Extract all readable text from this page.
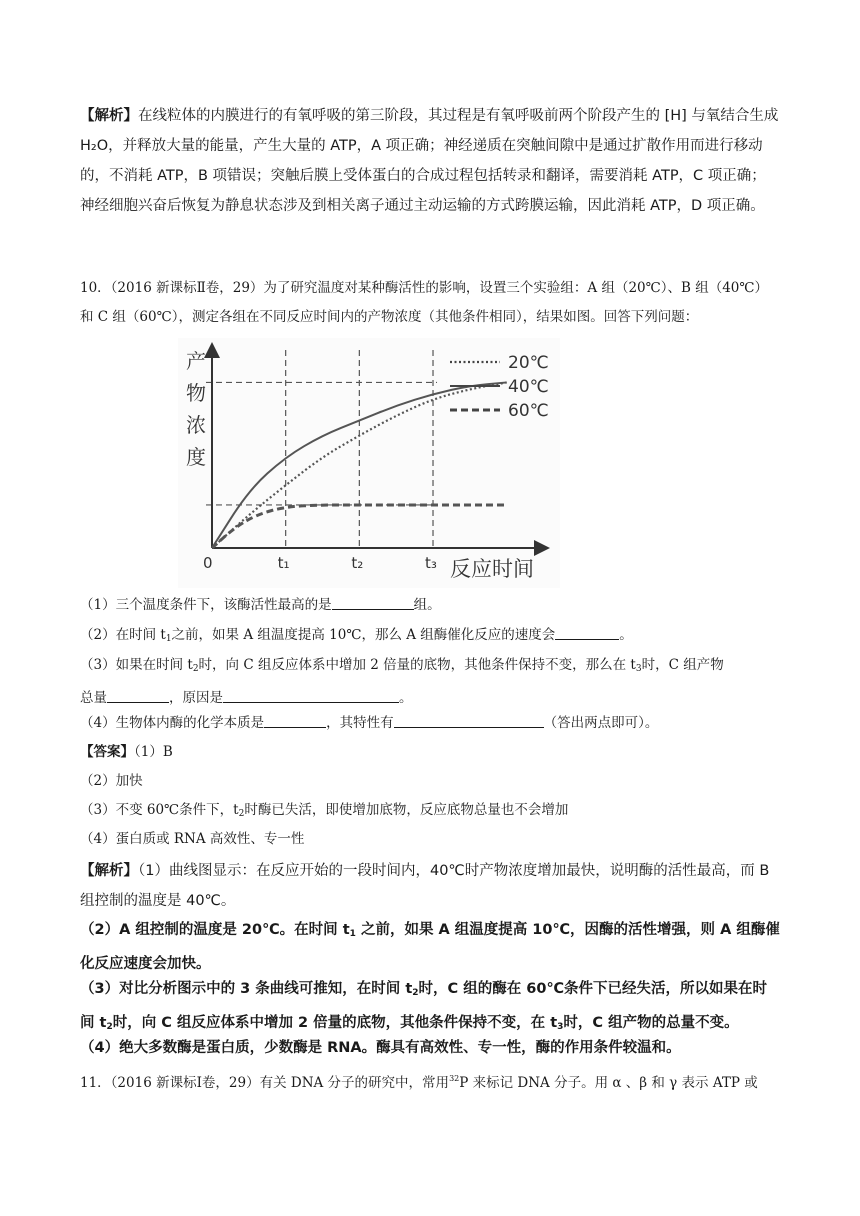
【解析】在线粒体的内膜进行的有氧呼吸的第三阶段，其过程是有氧呼吸前两个阶段产生的 [H] 与氧结合生成 H₂O，并释放大量的能量，产生大量的 ATP，A 项正确；神经递质在突触间隙中是通过扩散作用而进行移动的，不消耗 ATP，B 项错误；突触后膜上受体蛋白的合成过程包括转录和翻译，需要消耗 ATP，C 项正确；神经细胞兴奋后恢复为静息状态涉及到相关离子通过主动运输的方式跨膜运输，因此消耗 ATP，D 项正确。

10．（2016 新课标Ⅱ卷，29）为了研究温度对某种酶活性的影响，设置三个实验组：A 组（20℃）、B 组（40℃）和 C 组（60℃），测定各组在不同反应时间内的产物浓度（其他条件相同），结果如图。回答下列问题：

产物浓度
反应时间
0	t₁	t₂	t₃
20℃
40℃
60℃

（1）三个温度条件下，该酶活性最高的是	组。

（2）在时间 $t_1$之前，如果 A 组温度提高 10℃，那么 A 组酶催化反应的速度会	。

（3）如果在时间 $t_2$时，向 C 组反应体系中增加 2 倍量的底物，其他条件保持不变，那么在 $t_3$时，C 组产物
总量	，原因是	。

（4）生物体内酶的化学本质是	，其特性有	（答出两点即可）。

【答案】（1）B

（2）加快

（3）不变 60℃条件下，$t_2$时酶已失活，即使增加底物，反应底物总量也不会增加

（4）蛋白质或 RNA 高效性、专一性

【解析】（1）曲线图显示：在反应开始的一段时间内，40℃时产物浓度增加最快，说明酶的活性最高，而 B 组控制的温度是 40℃。

（2）A 组控制的温度是 20℃。在时间 $t_1$ 之前，如果 A 组温度提高 10℃，因酶的活性增强，则 A 组酶催化反应速度会加快。

（3）对比分析图示中的 3 条曲线可推知，在时间 $t_2$时，C 组的酶在 60℃条件下已经失活，所以如果在时间 $t_2$时，向 C 组反应体系中增加 2 倍量的底物，其他条件保持不变，在 $t_3$时，C 组产物的总量不变。

（4）绝大多数酶是蛋白质，少数酶是 RNA。酶具有高效性、专一性，酶的作用条件较温和。

11．（2016 新课标Ⅰ卷，29）有关 DNA 分子的研究中，常用$^{32}$P 来标记 DNA 分子。用 α 、β 和 γ 表示 ATP 或
